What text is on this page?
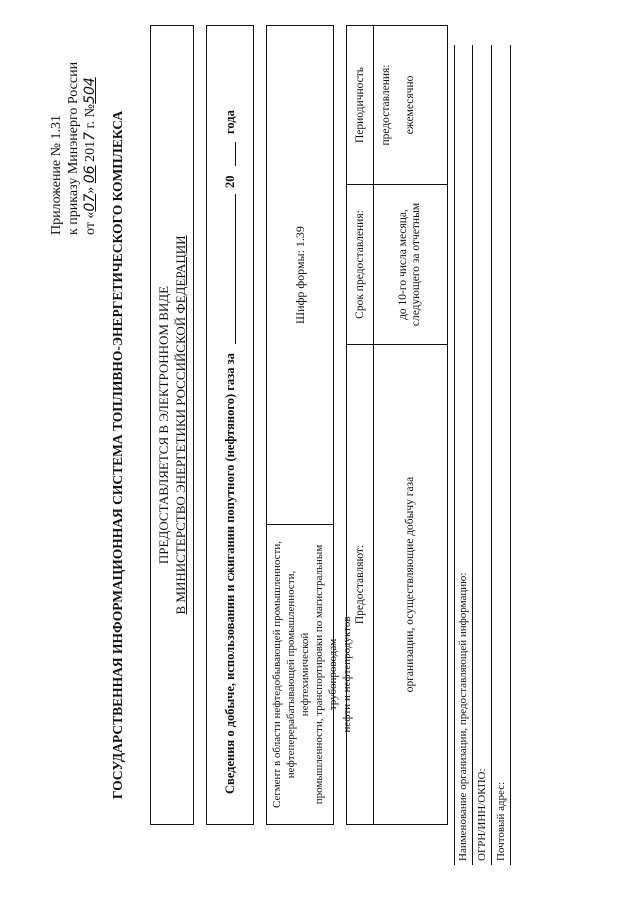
Приложение № 1.31 к приказу Минэнерго России от «07» 06 2017 г. №504
ГОСУДАРСТВЕННАЯ ИНФОРМАЦИОННАЯ СИСТЕМА ТОПЛИВНО-ЭНЕРГЕТИЧЕСКОГО КОМПЛЕКСА ПРЕДОСТАВЛЯЕТСЯ В ЭЛЕКТРОННОМ ВИДЕ В МИНИСТЕРСТВО ЭНЕРГЕТИКИ РОССИЙСКОЙ ФЕДЕРАЦИИ	Сведения о добыче, использовании и сжигании попутного (нефтяного) газа за
20
года
Сегмент в области нефтедобывающей промышленности, нефтеперерабатывающей промышленности, нефтехимической промышленности, транспортировки по магистральным трубопроводам нефти и нефтепродуктов
Шифр формы: 1.39
Предоставляют:
Срок предоставления:
Периодичность предоставления:
организации, осуществляющие добычу газа
до 10-го числа месяца, следующего за отчетным
ежемесячно
Наименование организации, предоставляющей информацию: ОГРН/ИНН/ОКПО: Почтовый адрес:
